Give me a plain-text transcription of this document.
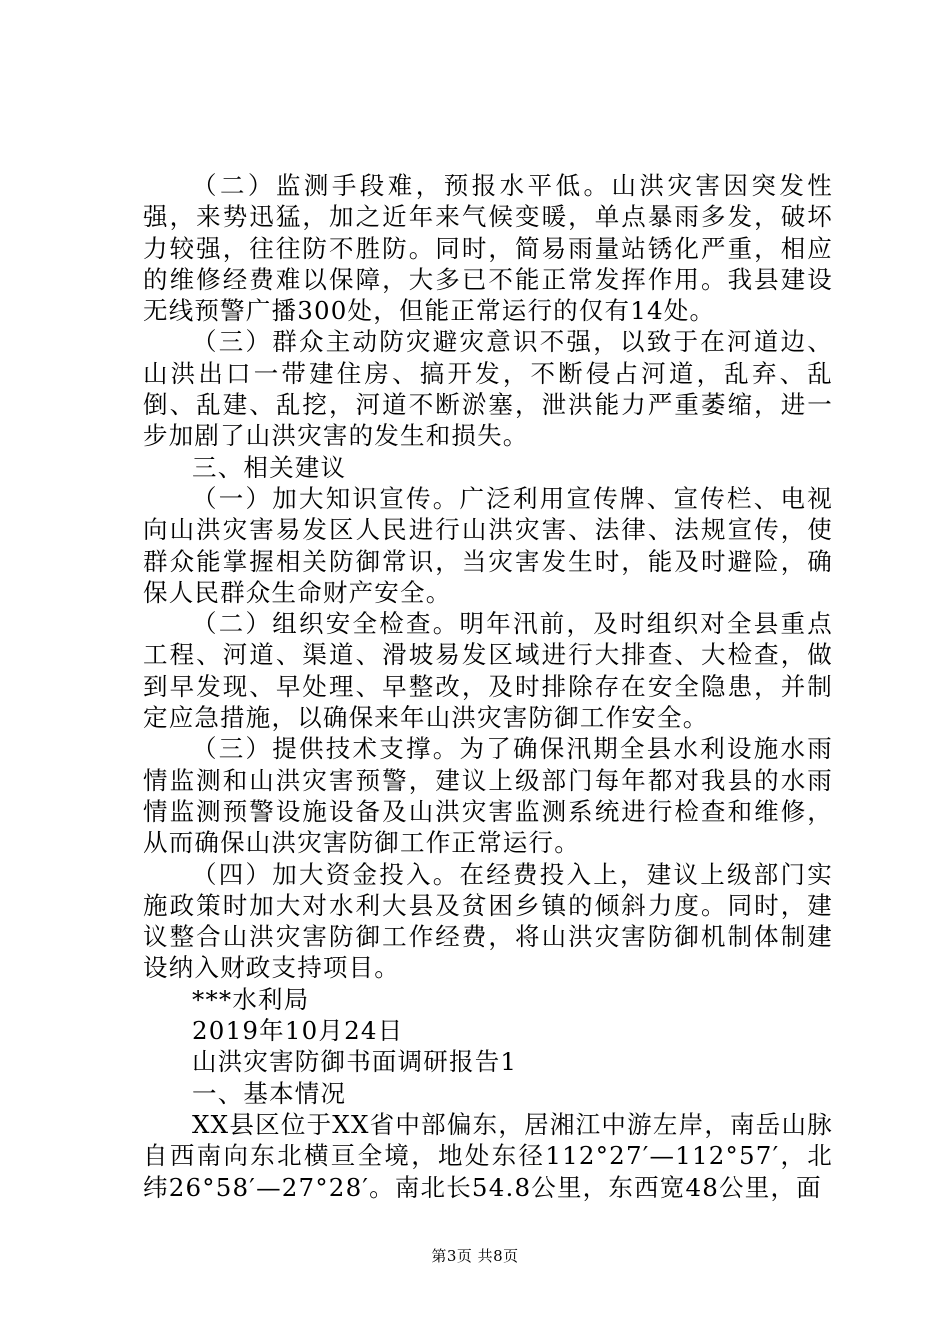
（二）监测手段难，预报水平低。山洪灾害因突发性强，来势迅猛，加之近年来气候变暖，单点暴雨多发，破坏力较强，往往防不胜防。同时，简易雨量站锈化严重，相应的维修经费难以保障，大多已不能正常发挥作用。我县建设无线预警广播300处，但能正常运行的仅有14处。

（三）群众主动防灾避灾意识不强，以致于在河道边、山洪出口一带建住房、搞开发，不断侵占河道，乱弃、乱倒、乱建、乱挖，河道不断淤塞，泄洪能力严重萎缩，进一步加剧了山洪灾害的发生和损失。

三、相关建议

（一）加大知识宣传。广泛利用宣传牌、宣传栏、电视向山洪灾害易发区人民进行山洪灾害、法律、法规宣传，使群众能掌握相关防御常识，当灾害发生时，能及时避险，确保人民群众生命财产安全。

（二）组织安全检查。明年汛前，及时组织对全县重点工程、河道、渠道、滑坡易发区域进行大排查、大检查，做到早发现、早处理、早整改，及时排除存在安全隐患，并制定应急措施，以确保来年山洪灾害防御工作安全。

（三）提供技术支撑。为了确保汛期全县水利设施水雨情监测和山洪灾害预警，建议上级部门每年都对我县的水雨情监测预警设施设备及山洪灾害监测系统进行检查和维修，从而确保山洪灾害防御工作正常运行。

（四）加大资金投入。在经费投入上，建议上级部门实施政策时加大对水利大县及贫困乡镇的倾斜力度。同时，建议整合山洪灾害防御工作经费，将山洪灾害防御机制体制建设纳入财政支持项目。

***水利局

2019年10月24日

山洪灾害防御书面调研报告1

一、基本情况

XX县区位于XX省中部偏东，居湘江中游左岸，南岳山脉自西南向东北横亘全境，地处东径112°27′—112°57′，北纬26°58′—27°28′。南北长54.8公里，东西宽48公里，面

第3页 共8页
